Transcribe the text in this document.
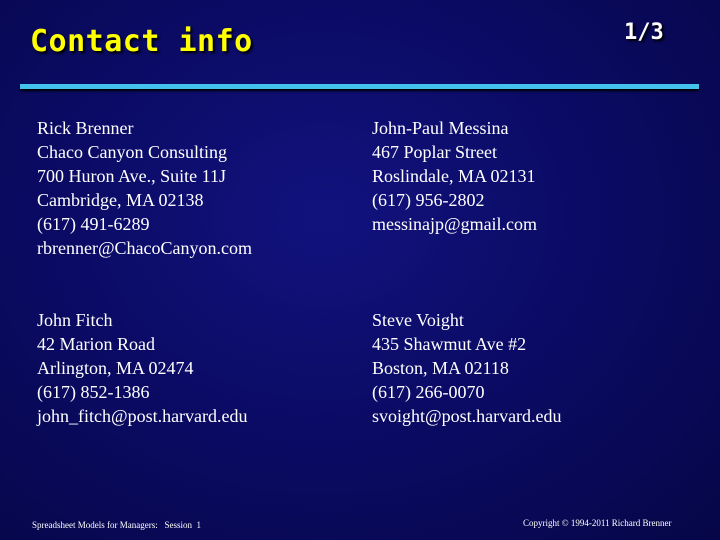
Contact info	1/3
Rick Brenner
Chaco Canyon Consulting
700 Huron Ave., Suite 11J
Cambridge, MA 02138
(617) 491-6289
rbrenner@ChacoCanyon.com
John-Paul Messina
467 Poplar Street
Roslindale, MA 02131
(617) 956-2802
messinajp@gmail.com
John Fitch
42 Marion Road
Arlington, MA 02474
(617) 852-1386
john_fitch@post.harvard.edu
Steve Voight
435 Shawmut Ave #2
Boston, MA 02118
(617) 266-0070
svoight@post.harvard.edu
Spreadsheet Models for Managers:   Session  1	Copyright © 1994-2011 Richard Brenner
